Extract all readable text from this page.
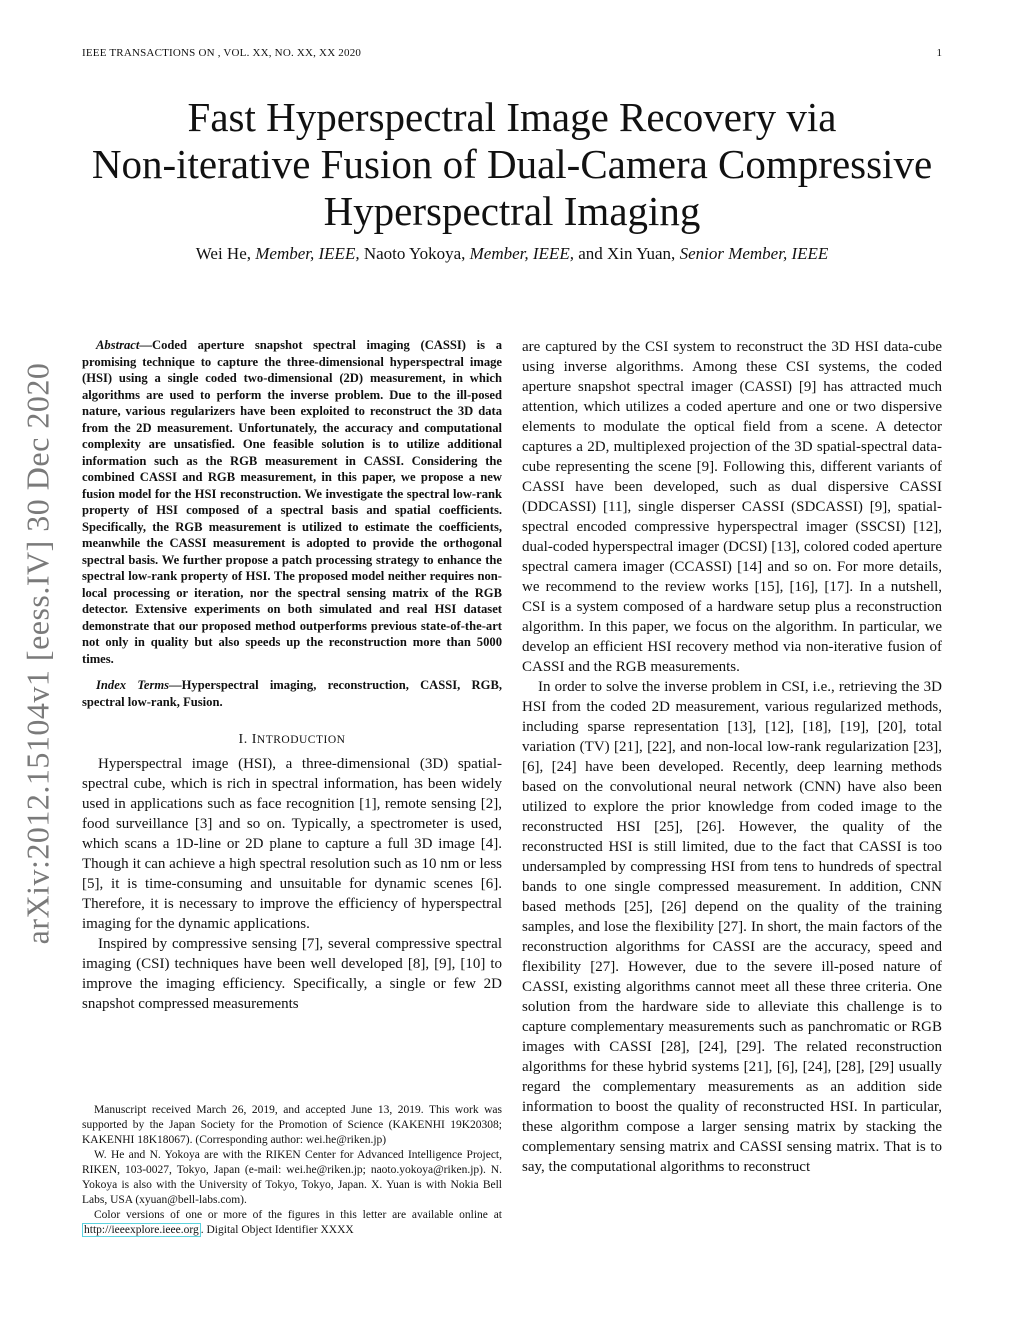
IEEE TRANSACTIONS ON , VOL. XX, NO. XX, XX 2020	1
arXiv:2012.15104v1 [eess.IV] 30 Dec 2020
Fast Hyperspectral Image Recovery via
Non-iterative Fusion of Dual-Camera Compressive
Hyperspectral Imaging
Wei He, Member, IEEE, Naoto Yokoya, Member, IEEE, and Xin Yuan, Senior Member, IEEE

Abstract—Coded aperture snapshot spectral imaging (CASSI) is a promising technique to capture the three-dimensional hyperspectral image (HSI) using a single coded two-dimensional (2D) measurement, in which algorithms are used to perform the inverse problem. Due to the ill-posed nature, various regularizers have been exploited to reconstruct the 3D data from the 2D measurement. Unfortunately, the accuracy and computational complexity are unsatisfied. One feasible solution is to utilize additional information such as the RGB measurement in CASSI. Considering the combined CASSI and RGB measurement, in this paper, we propose a new fusion model for the HSI reconstruction. We investigate the spectral low-rank property of HSI composed of a spectral basis and spatial coefficients. Specifically, the RGB measurement is utilized to estimate the coefficients, meanwhile the CASSI measurement is adopted to provide the orthogonal spectral basis. We further propose a patch processing strategy to enhance the spectral low-rank property of HSI. The proposed model neither requires non-local processing or iteration, nor the spectral sensing matrix of the RGB detector. Extensive experiments on both simulated and real HSI dataset demonstrate that our proposed method outperforms previous state-of-the-art not only in quality but also speeds up the reconstruction more than 5000 times.

Index Terms—Hyperspectral imaging, reconstruction, CASSI, RGB, spectral low-rank, Fusion.

I. INTRODUCTION

Hyperspectral image (HSI), a three-dimensional (3D) spatial-spectral cube, which is rich in spectral information, has been widely used in applications such as face recognition [1], remote sensing [2], food surveillance [3] and so on. Typically, a spectrometer is used, which scans a 1D-line or 2D plane to capture a full 3D image [4]. Though it can achieve a high spectral resolution such as 10 nm or less [5], it is time-consuming and unsuitable for dynamic scenes [6]. Therefore, it is necessary to improve the efficiency of hyperspectral imaging for the dynamic applications.

Inspired by compressive sensing [7], several compressive spectral imaging (CSI) techniques have been well developed [8], [9], [10] to improve the imaging efficiency. Specifically, a single or few 2D snapshot compressed measurements

Manuscript received March 26, 2019, and accepted June 13, 2019. This work was supported by the Japan Society for the Promotion of Science (KAKENHI 19K20308; KAKENHI 18K18067). (Corresponding author: wei.he@riken.jp)

W. He and N. Yokoya are with the RIKEN Center for Advanced Intelligence Project, RIKEN, 103-0027, Tokyo, Japan (e-mail: wei.he@riken.jp; naoto.yokoya@riken.jp). N. Yokoya is also with the University of Tokyo, Tokyo, Japan. X. Yuan is with Nokia Bell Labs, USA (xyuan@bell-labs.com).

Color versions of one or more of the figures in this letter are available online at http://ieeexplore.ieee.org . Digital Object Identifier XXXX

are captured by the CSI system to reconstruct the 3D HSI data-cube using inverse algorithms. Among these CSI systems, the coded aperture snapshot spectral imager (CASSI) [9] has attracted much attention, which utilizes a coded aperture and one or two dispersive elements to modulate the optical field from a scene. A detector captures a 2D, multiplexed projection of the 3D spatial-spectral data-cube representing the scene [9]. Following this, different variants of CASSI have been developed, such as dual dispersive CASSI (DDCASSI) [11], single disperser CASSI (SDCASSI) [9], spatial-spectral encoded compressive hyperspectral imager (SSCSI) [12], dual-coded hyperspectral imager (DCSI) [13], colored coded aperture spectral camera imager (CCASSI) [14] and so on. For more details, we recommend to the review works [15], [16], [17]. In a nutshell, CSI is a system composed of a hardware setup plus a reconstruction algorithm. In this paper, we focus on the algorithm. In particular, we develop an efficient HSI recovery method via non-iterative fusion of CASSI and the RGB measurements.

In order to solve the inverse problem in CSI, i.e., retrieving the 3D HSI from the coded 2D measurement, various regularized methods, including sparse representation [13], [12], [18], [19], [20], total variation (TV) [21], [22], and non-local low-rank regularization [23], [6], [24] have been developed. Recently, deep learning methods based on the convolutional neural network (CNN) have also been utilized to explore the prior knowledge from coded image to the reconstructed HSI [25], [26]. However, the quality of the reconstructed HSI is still limited, due to the fact that CASSI is too undersampled by compressing HSI from tens to hundreds of spectral bands to one single compressed measurement. In addition, CNN based methods [25], [26] depend on the quality of the training samples, and lose the flexibility [27]. In short, the main factors of the reconstruction algorithms for CASSI are the accuracy, speed and flexibility [27]. However, due to the severe ill-posed nature of CASSI, existing algorithms cannot meet all these three criteria. One solution from the hardware side to alleviate this challenge is to capture complementary measurements such as panchromatic or RGB images with CASSI [28], [24], [29]. The related reconstruction algorithms for these hybrid systems [21], [6], [24], [28], [29] usually regard the complementary measurements as an addition side information to boost the quality of reconstructed HSI. In particular, these algorithm compose a larger sensing matrix by stacking the complementary sensing matrix and CASSI sensing matrix. That is to say, the computational algorithms to reconstruct
